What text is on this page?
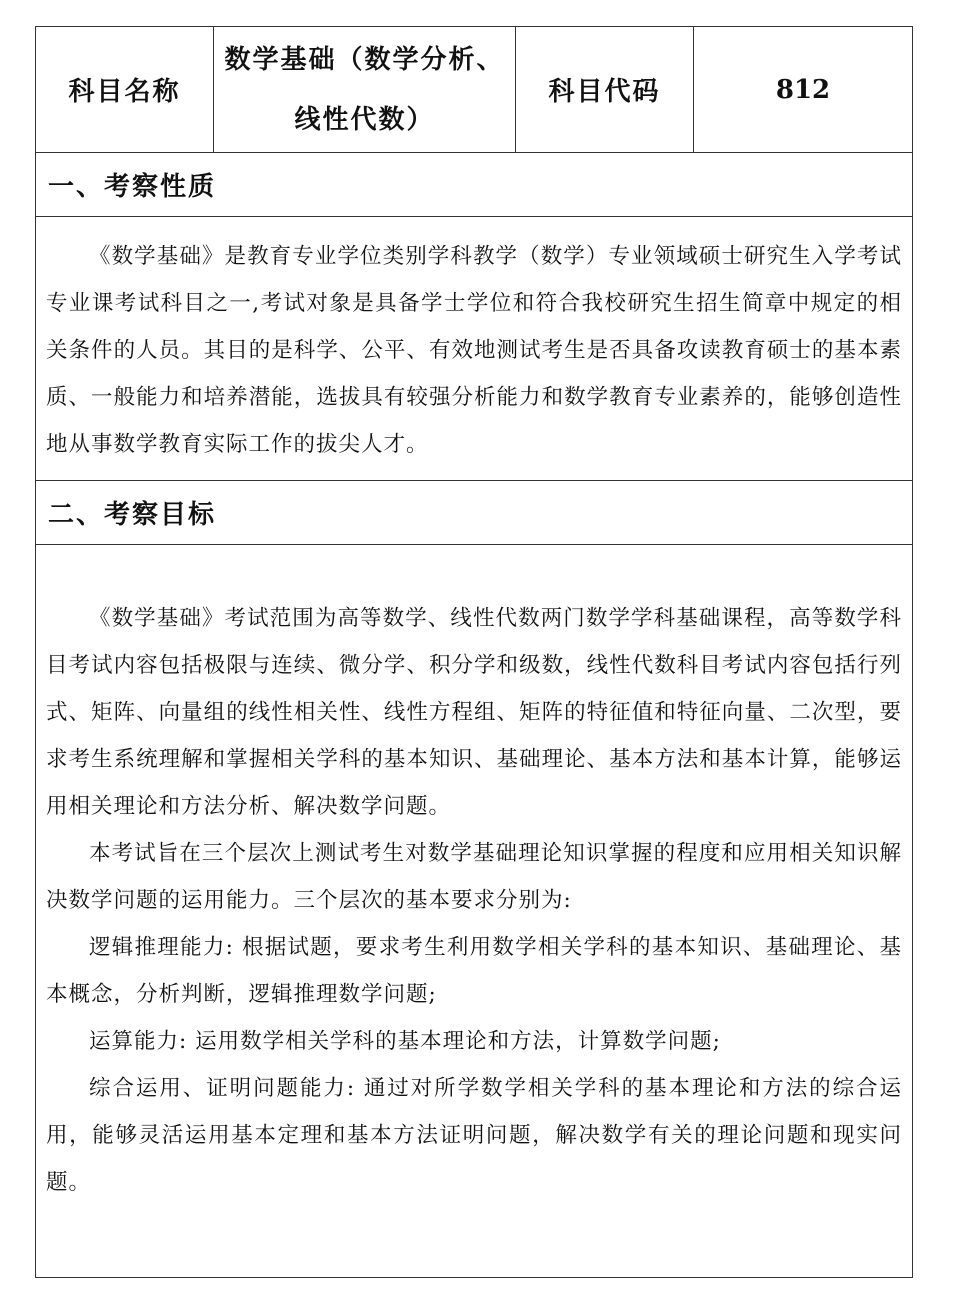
科目名称
数学基础（数学分析、
线性代数）
科目代码	812
一、考察性质

《数学基础》是教育专业学位类别学科教学（数学）专业领域硕士研究生入学考试专业课考试科目之一,考试对象是具备学士学位和符合我校研究生招生简章中规定的相关条件的人员。其目的是科学、公平、有效地测试考生是否具备攻读教育硕士的基本素质、一般能力和培养潜能，选拔具有较强分析能力和数学教育专业素养的，能够创造性地从事数学教育实际工作的拔尖人才。

二、考察目标

《数学基础》考试范围为高等数学、线性代数两门数学学科基础课程，高等数学科目考试内容包括极限与连续、微分学、积分学和级数，线性代数科目考试内容包括行列式、矩阵、向量组的线性相关性、线性方程组、矩阵的特征值和特征向量、二次型，要求考生系统理解和掌握相关学科的基本知识、基础理论、基本方法和基本计算，能够运用相关理论和方法分析、解决数学问题。

本考试旨在三个层次上测试考生对数学基础理论知识掌握的程度和应用相关知识解决数学问题的运用能力。三个层次的基本要求分别为:

逻辑推理能力: 根据试题，要求考生利用数学相关学科的基本知识、基础理论、基本概念，分析判断，逻辑推理数学问题;

运算能力: 运用数学相关学科的基本理论和方法，计算数学问题;

综合运用、证明问题能力: 通过对所学数学相关学科的基本理论和方法的综合运用，能够灵活运用基本定理和基本方法证明问题，解决数学有关的理论问题和现实问题。
